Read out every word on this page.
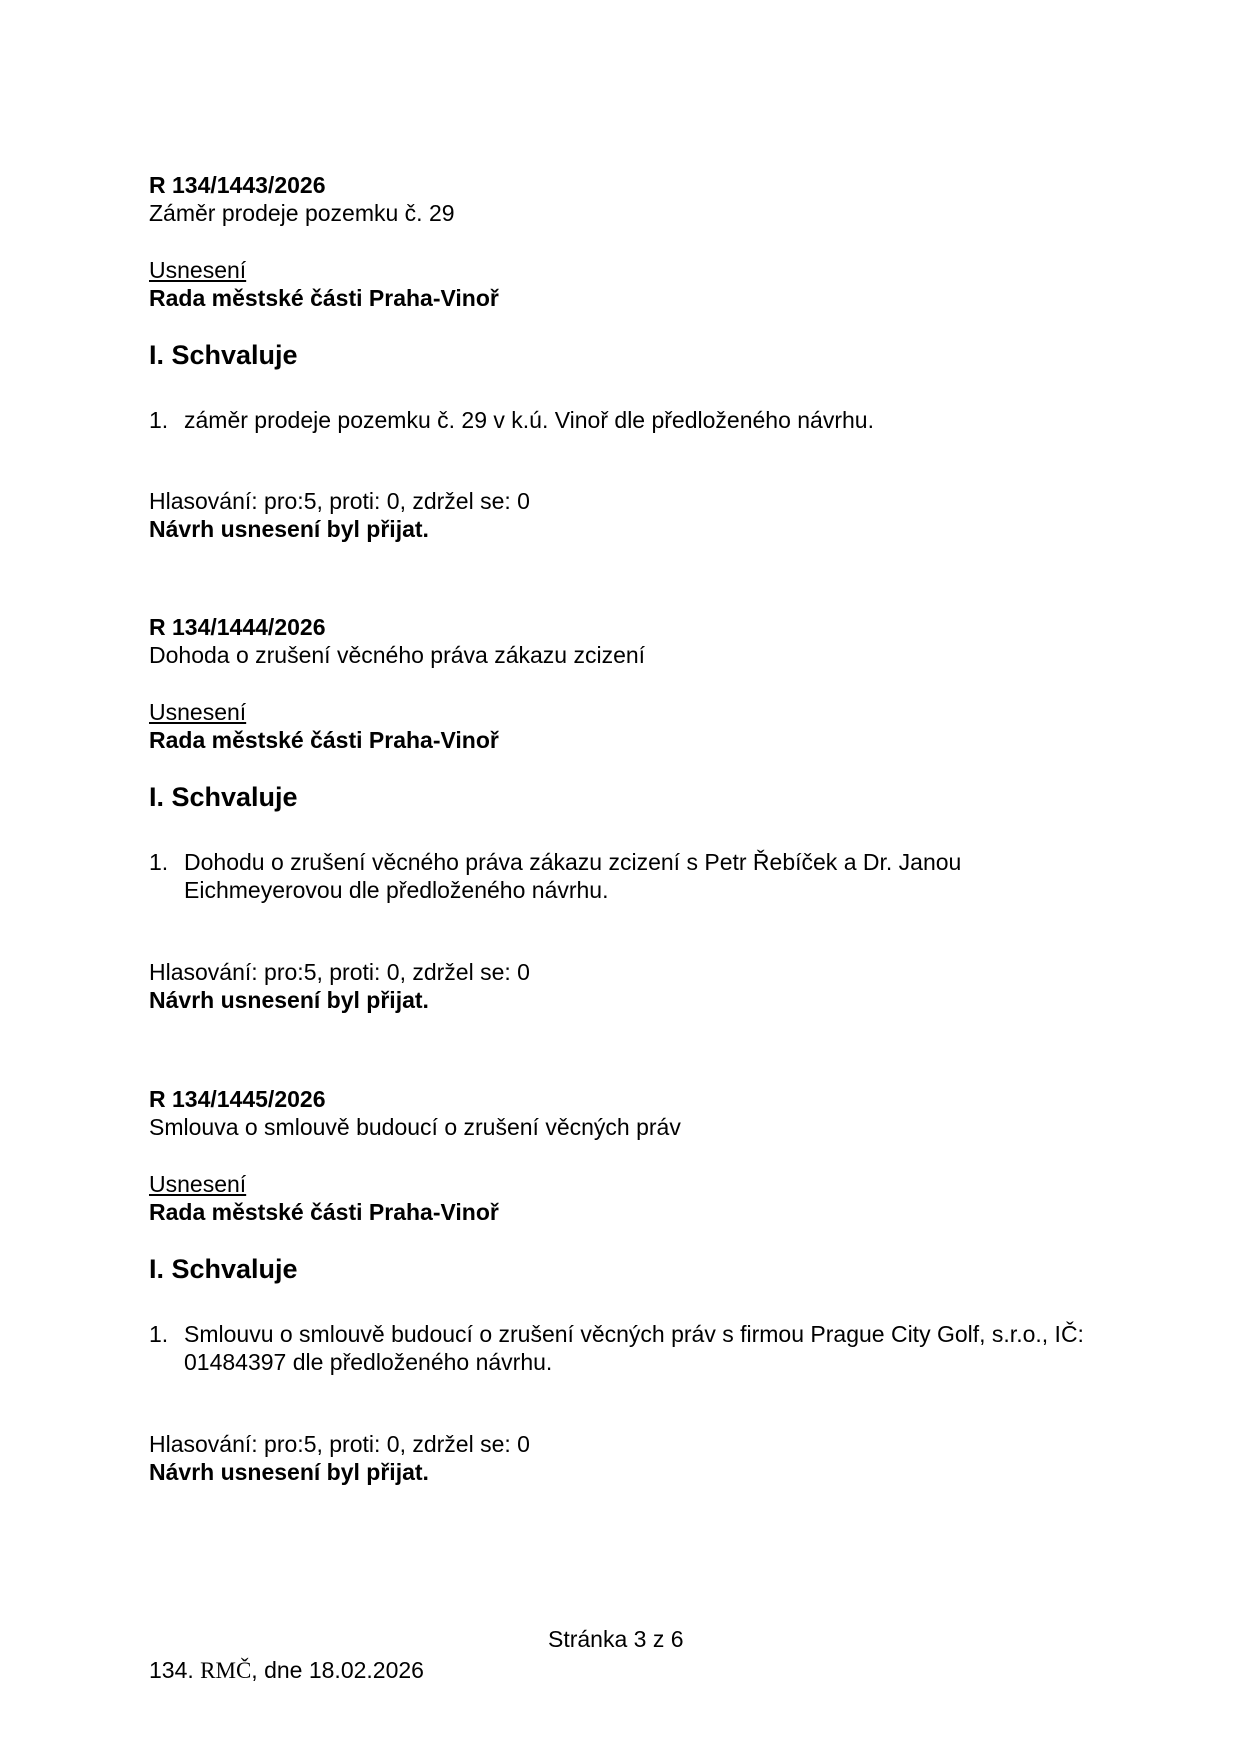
R 134/1443/2026
Záměr prodeje pozemku č. 29
Usnesení
Rada městské části Praha-Vinoř
I. Schvaluje
1. záměr prodeje pozemku č. 29 v k.ú. Vinoř dle předloženého návrhu.
Hlasování: pro:5, proti: 0, zdržel se: 0
Návrh usnesení byl přijat.
R 134/1444/2026
Dohoda o zrušení věcného práva zákazu zcizení
Usnesení
Rada městské části Praha-Vinoř
I. Schvaluje
1. Dohodu o zrušení věcného práva zákazu zcizení s Petr Řebíček a Dr. Janou Eichmeyerovou dle předloženého návrhu.
Hlasování: pro:5, proti: 0, zdržel se: 0
Návrh usnesení byl přijat.
R 134/1445/2026
Smlouva o smlouvě budoucí o zrušení věcných práv
Usnesení
Rada městské části Praha-Vinoř
I. Schvaluje
1. Smlouvu o smlouvě budoucí o zrušení věcných práv s firmou Prague City Golf, s.r.o., IČ: 01484397 dle předloženého návrhu.
Hlasování: pro:5, proti: 0, zdržel se: 0
Návrh usnesení byl přijat.
Stránka 3 z 6
134. RMČ, dne 18.02.2026
